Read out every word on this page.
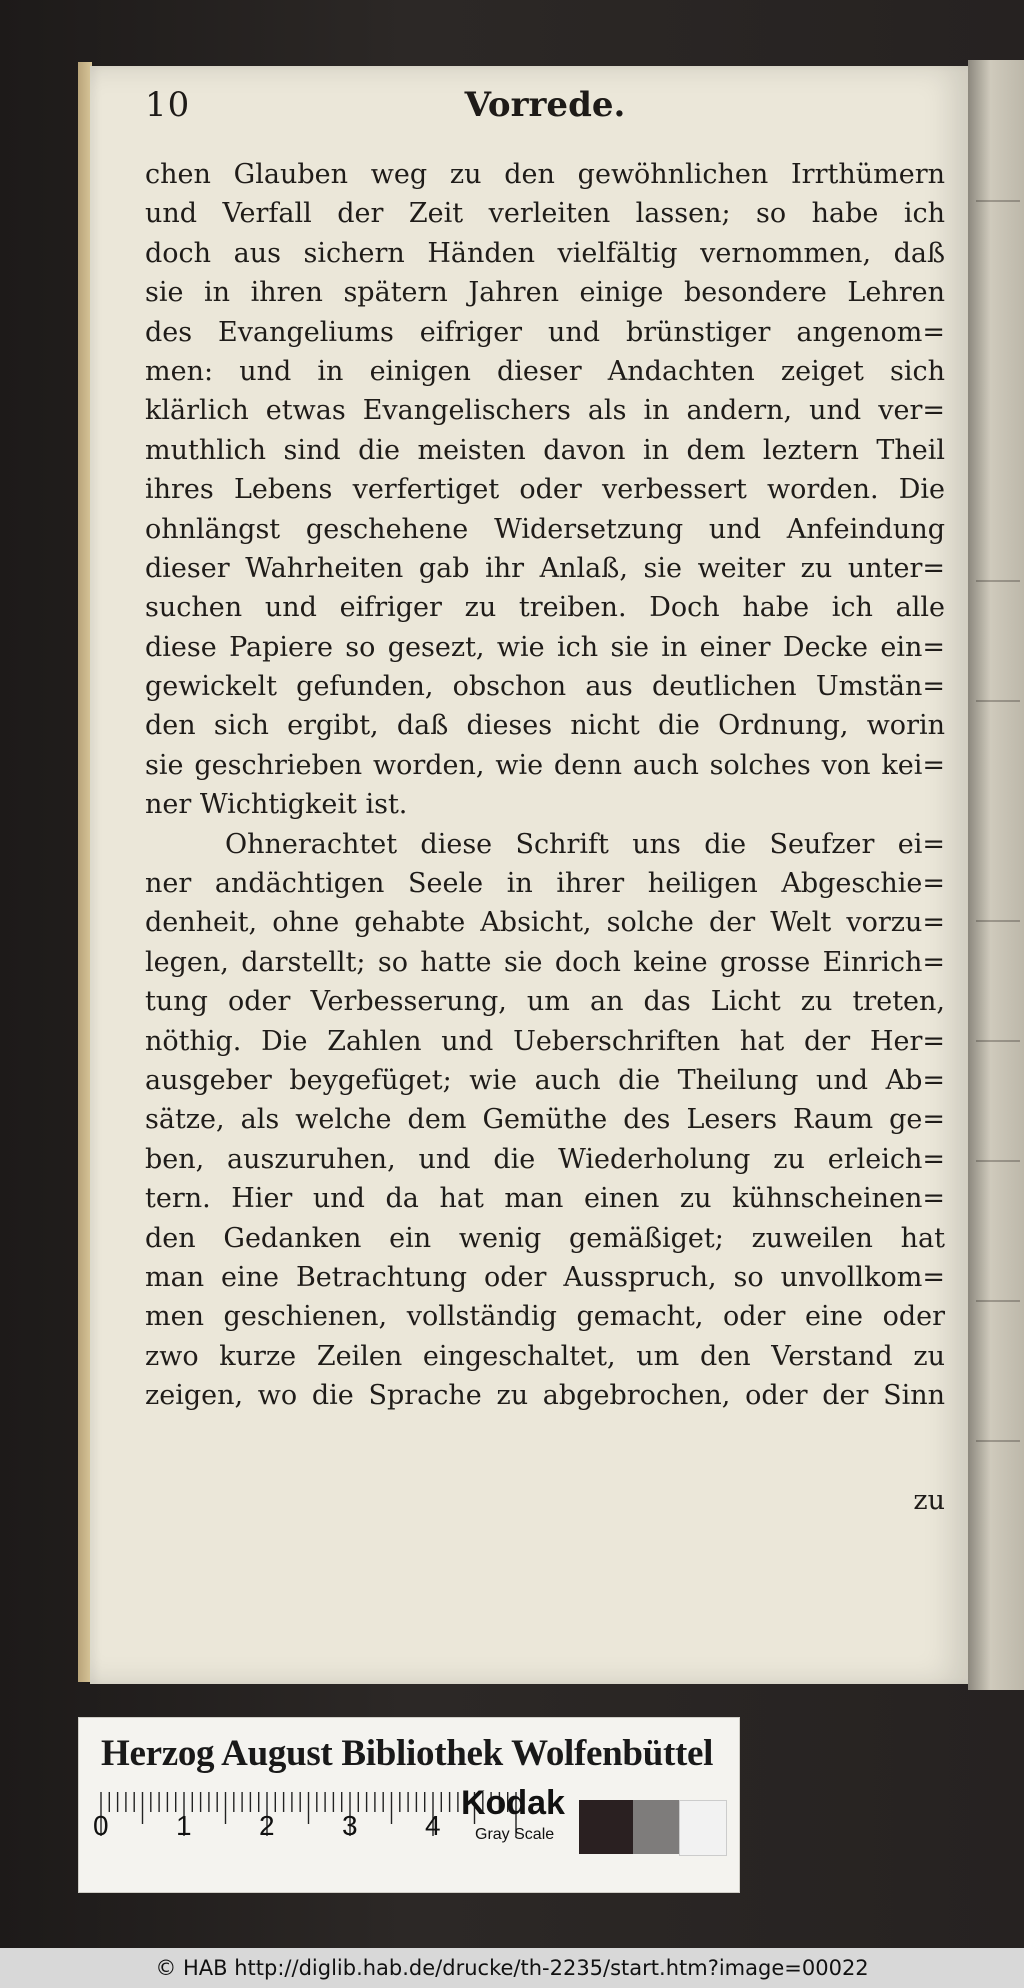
10	Vorrede.
chen Glauben weg zu den gewöhnlichen Irrthümern
und Verfall der Zeit verleiten lassen; so habe ich
doch aus sichern Händen vielfältig vernommen, daß
sie in ihren spätern Jahren einige besondere Lehren
des Evangeliums eifriger und brünstiger angenom=
men: und in einigen dieser Andachten zeiget sich
klärlich etwas Evangelischers als in andern, und ver=
muthlich sind die meisten davon in dem leztern Theil
ihres Lebens verfertiget oder verbessert worden. Die
ohnlängst geschehene Widersetzung und Anfeindung
dieser Wahrheiten gab ihr Anlaß, sie weiter zu unter=
suchen und eifriger zu treiben. Doch habe ich alle
diese Papiere so gesezt, wie ich sie in einer Decke ein=
gewickelt gefunden, obschon aus deutlichen Umstän=
den sich ergibt, daß dieses nicht die Ordnung, worin
sie geschrieben worden, wie denn auch solches von kei=
ner Wichtigkeit ist.
Ohnerachtet diese Schrift uns die Seufzer ei=
ner andächtigen Seele in ihrer heiligen Abgeschie=
denheit, ohne gehabte Absicht, solche der Welt vorzu=
legen, darstellt; so hatte sie doch keine grosse Einrich=
tung oder Verbesserung, um an das Licht zu treten,
nöthig. Die Zahlen und Ueberschriften hat der Her=
ausgeber beygefüget; wie auch die Theilung und Ab=
sätze, als welche dem Gemüthe des Lesers Raum ge=
ben, auszuruhen, und die Wiederholung zu erleich=
tern. Hier und da hat man einen zu kühnscheinen=
den Gedanken ein wenig gemäßiget; zuweilen hat
man eine Betrachtung oder Ausspruch, so unvollkom=
men geschienen, vollständig gemacht, oder eine oder
zwo kurze Zeilen eingeschaltet, um den Verstand zu
zeigen, wo die Sprache zu abgebrochen, oder der Sinn
zu
Herzog August Bibliothek Wolfenbüttel
0 1 2 3 4
Kodak
Gray Scale
© HAB http://diglib.hab.de/drucke/th-2235/start.htm?image=00022
